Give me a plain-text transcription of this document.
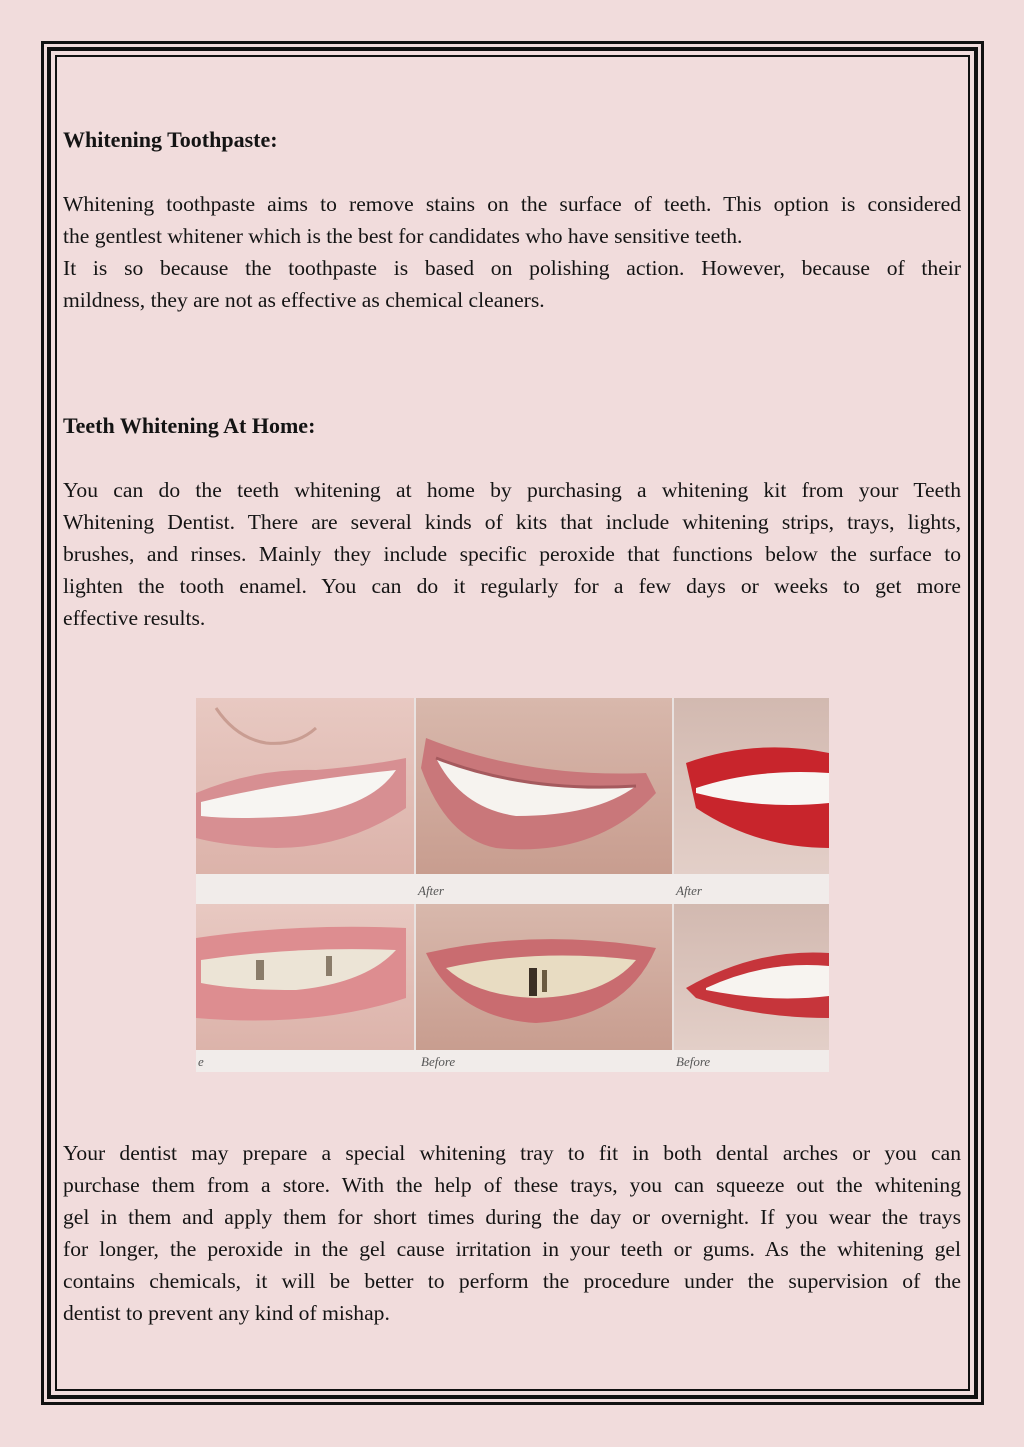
Whitening Toothpaste:

Whitening toothpaste aims to remove stains on the surface of teeth. This option is considered
the gentlest whitener which is the best for candidates who have sensitive teeth.

It is so because the toothpaste is based on polishing action. However, because of their
mildness, they are not as effective as chemical cleaners.

Teeth Whitening At Home:

You can do the teeth whitening at home by purchasing a whitening kit from your Teeth
Whitening Dentist. There are several kinds of kits that include whitening strips, trays, lights,
brushes, and rinses. Mainly they include specific peroxide that functions below the surface to
lighten the tooth enamel. You can do it regularly for a few days or weeks to get more
effective results.

After	After
e	Before	Before

Your dentist may prepare a special whitening tray to fit in both dental arches or you can
purchase them from a store. With the help of these trays, you can squeeze out the whitening
gel in them and apply them for short times during the day or overnight. If you wear the trays
for longer, the peroxide in the gel cause irritation in your teeth or gums. As the whitening gel
contains chemicals, it will be better to perform the procedure under the supervision of the
dentist to prevent any kind of mishap.
